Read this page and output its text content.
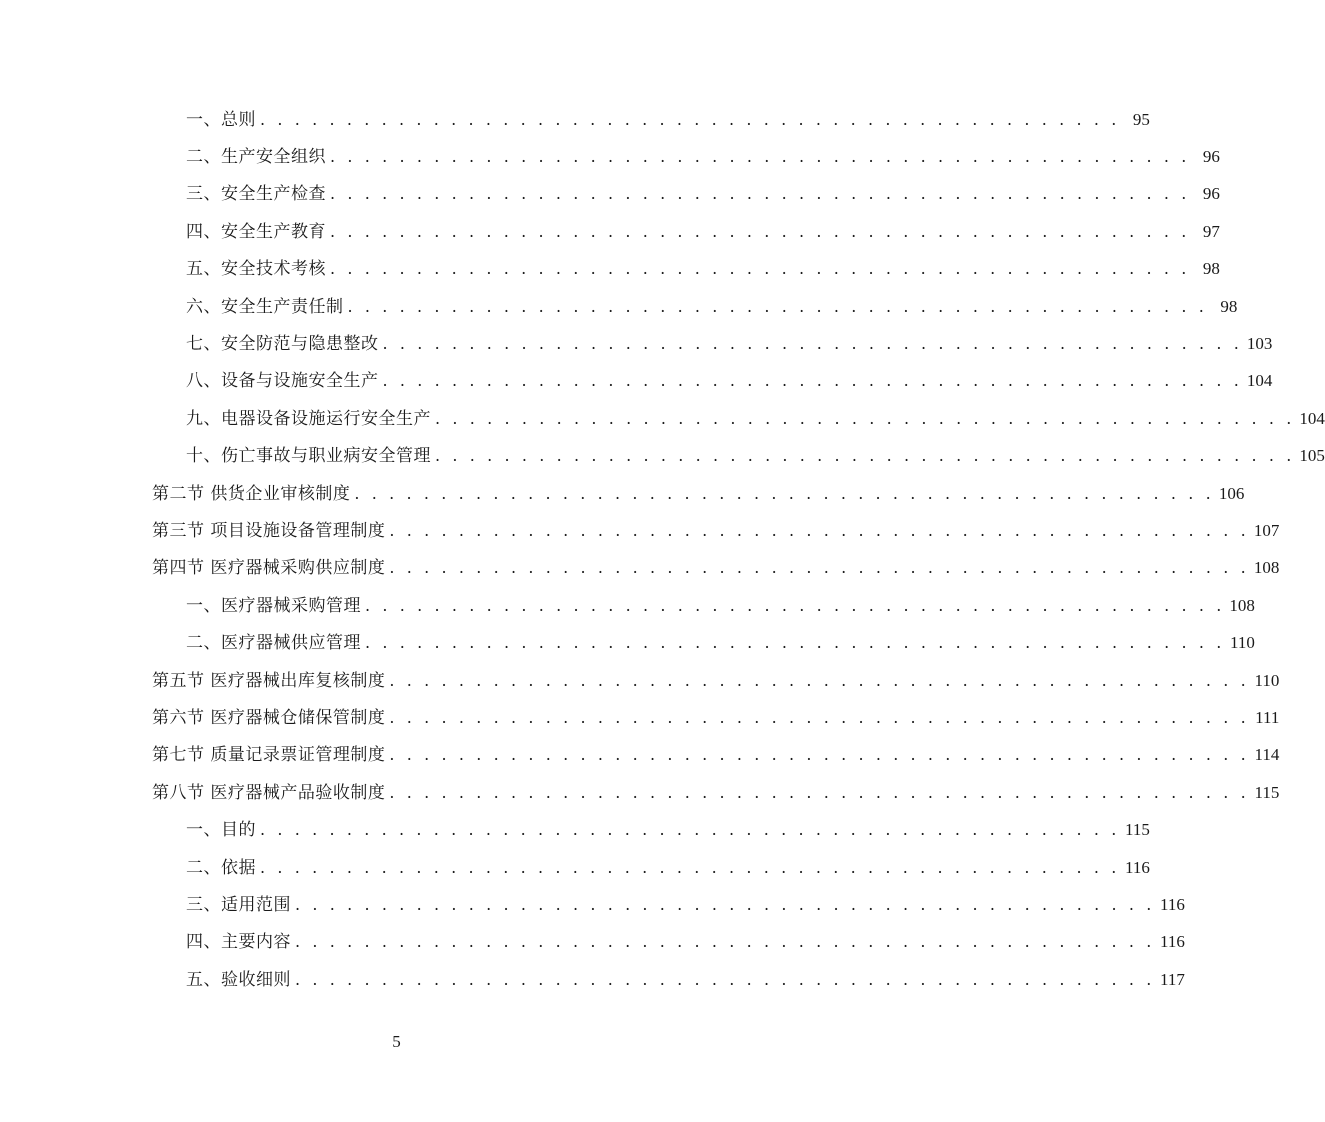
一、总则 . . . . . . . . . . . . . . . . . . . . . . . . . . . . . . . . . . . . . . . . . . . . . . . . . . 95
二、生产安全组织 . . . . . . . . . . . . . . . . . . . . . . . . . . . . . . . . . . . . . . . . . . . . . . . . . . 96
三、安全生产检查 . . . . . . . . . . . . . . . . . . . . . . . . . . . . . . . . . . . . . . . . . . . . . . . . . . 96
四、安全生产教育 . . . . . . . . . . . . . . . . . . . . . . . . . . . . . . . . . . . . . . . . . . . . . . . . . . 97
五、安全技术考核 . . . . . . . . . . . . . . . . . . . . . . . . . . . . . . . . . . . . . . . . . . . . . . . . . . 98
六、安全生产责任制 . . . . . . . . . . . . . . . . . . . . . . . . . . . . . . . . . . . . . . . . . . . . . . . . . . 98
七、安全防范与隐患整改 . . . . . . . . . . . . . . . . . . . . . . . . . . . . . . . . . . . . . . . . . . . . . . . . . . 103
八、设备与设施安全生产 . . . . . . . . . . . . . . . . . . . . . . . . . . . . . . . . . . . . . . . . . . . . . . . . . . 104
九、电器设备设施运行安全生产 . . . . . . . . . . . . . . . . . . . . . . . . . . . . . . . . . . . . . . . . . . . . . . . . . . 104
十、伤亡事故与职业病安全管理 . . . . . . . . . . . . . . . . . . . . . . . . . . . . . . . . . . . . . . . . . . . . . . . . . . 105
第二节 供货企业审核制度 . . . . . . . . . . . . . . . . . . . . . . . . . . . . . . . . . . . . . . . . . . . . . . . . . . 106
第三节 项目设施设备管理制度 . . . . . . . . . . . . . . . . . . . . . . . . . . . . . . . . . . . . . . . . . . . . . . . . . . 107
第四节 医疗器械采购供应制度 . . . . . . . . . . . . . . . . . . . . . . . . . . . . . . . . . . . . . . . . . . . . . . . . . . 108
一、医疗器械采购管理 . . . . . . . . . . . . . . . . . . . . . . . . . . . . . . . . . . . . . . . . . . . . . . . . . . 108
二、医疗器械供应管理 . . . . . . . . . . . . . . . . . . . . . . . . . . . . . . . . . . . . . . . . . . . . . . . . . . 110
第五节 医疗器械出库复核制度 . . . . . . . . . . . . . . . . . . . . . . . . . . . . . . . . . . . . . . . . . . . . . . . . . . 110
第六节 医疗器械仓储保管制度 . . . . . . . . . . . . . . . . . . . . . . . . . . . . . . . . . . . . . . . . . . . . . . . . . . 111
第七节 质量记录票证管理制度 . . . . . . . . . . . . . . . . . . . . . . . . . . . . . . . . . . . . . . . . . . . . . . . . . . 114
第八节 医疗器械产品验收制度 . . . . . . . . . . . . . . . . . . . . . . . . . . . . . . . . . . . . . . . . . . . . . . . . . . 115
一、目的 . . . . . . . . . . . . . . . . . . . . . . . . . . . . . . . . . . . . . . . . . . . . . . . . . . 115
二、依据 . . . . . . . . . . . . . . . . . . . . . . . . . . . . . . . . . . . . . . . . . . . . . . . . . . 116
三、适用范围 . . . . . . . . . . . . . . . . . . . . . . . . . . . . . . . . . . . . . . . . . . . . . . . . . . 116
四、主要内容 . . . . . . . . . . . . . . . . . . . . . . . . . . . . . . . . . . . . . . . . . . . . . . . . . . 116
五、验收细则 . . . . . . . . . . . . . . . . . . . . . . . . . . . . . . . . . . . . . . . . . . . . . . . . . . 117
5
